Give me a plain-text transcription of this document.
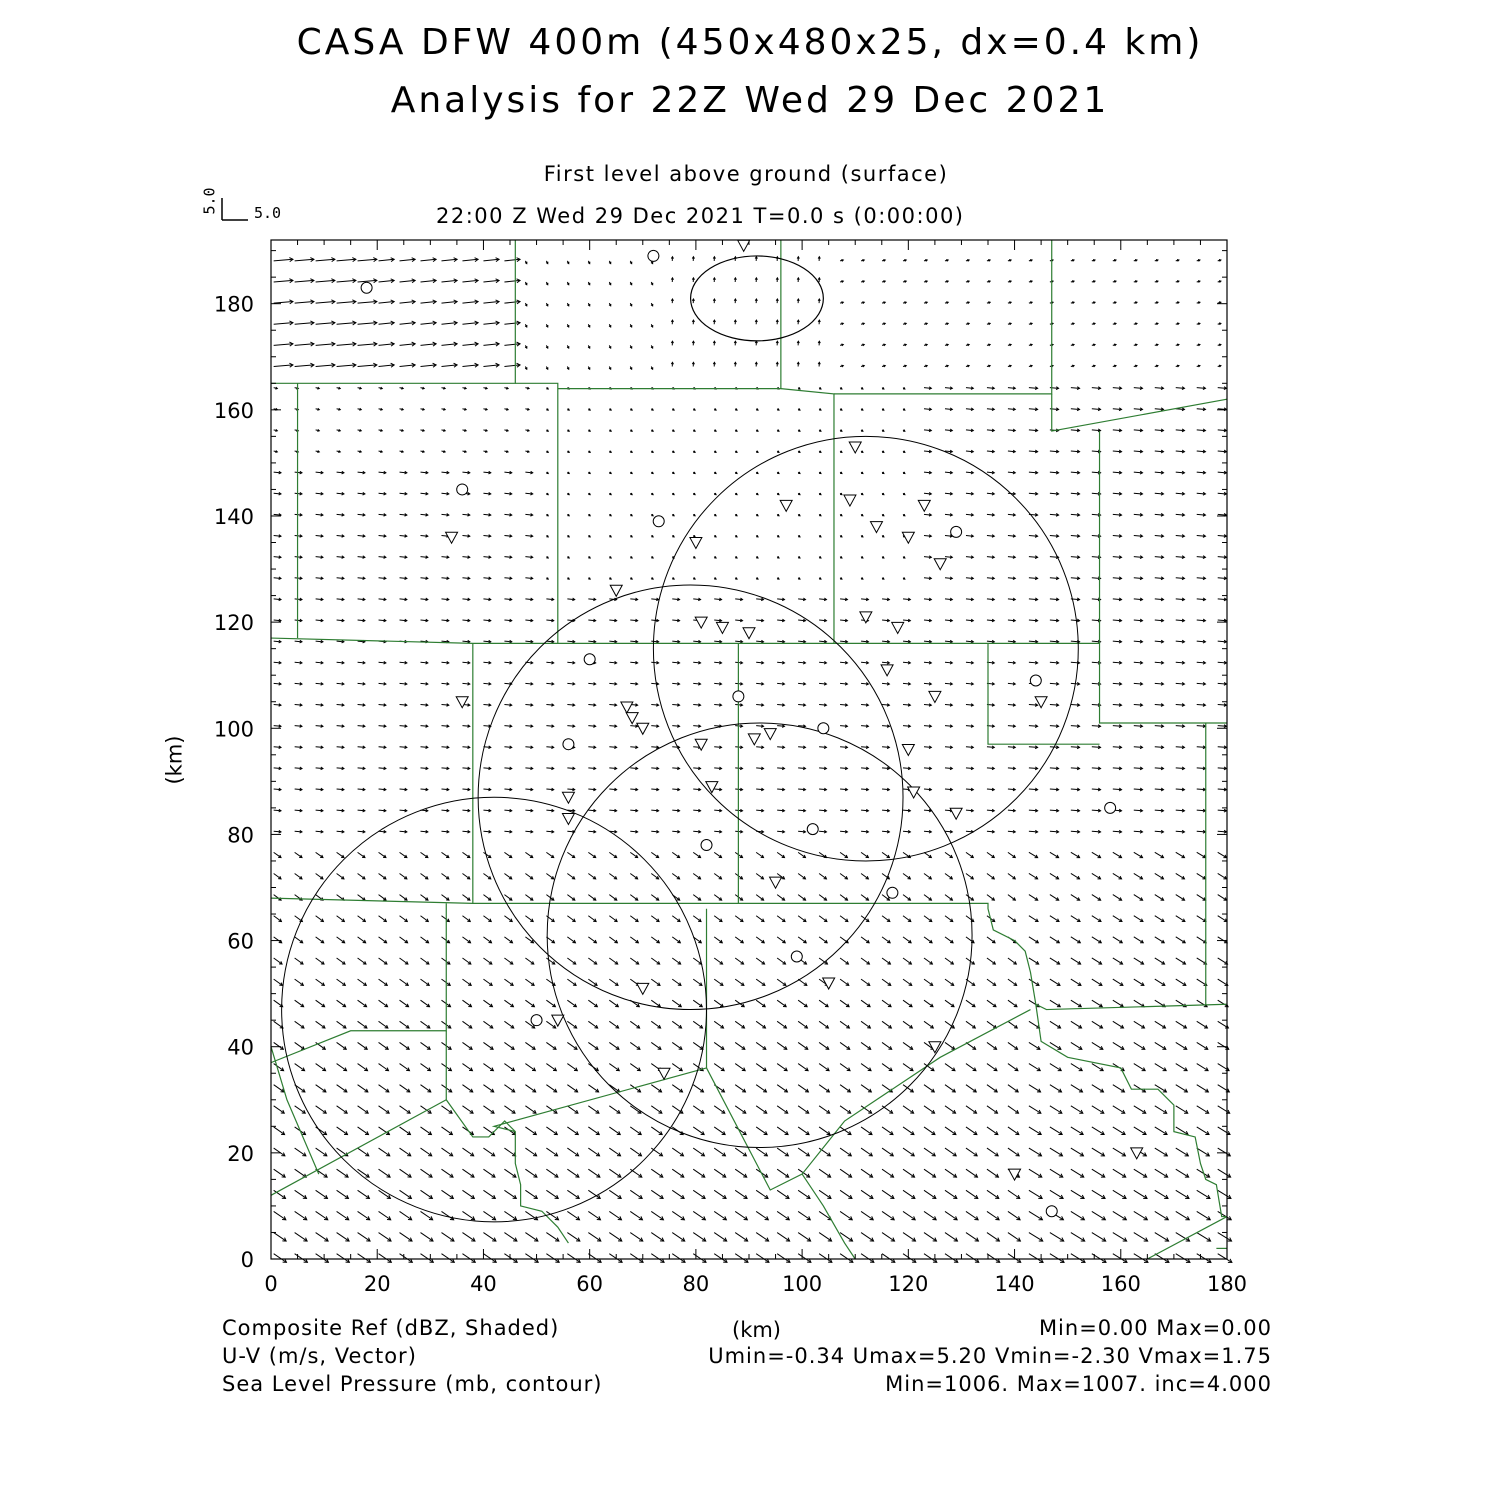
CASA DFW 400m (450x480x25, dx=0.4 km)
Analysis for 22Z Wed 29 Dec 2021
First level above ground (surface)
22:00 Z Wed 29 Dec 2021 T=0.0 s (0:00:00)
5.0 5.0
(km)
0	20	40	60	80	100	120	140	160	180
0
20
40
60
80
100
120
140
160
180
(km)
Composite Ref (dBZ, Shaded)	Min=0.00 Max=0.00
U-V (m/s, Vector)	Umin=-0.34 Umax=5.20 Vmin=-2.30 Vmax=1.75
Sea Level Pressure (mb, contour)	Min=1006. Max=1007. inc=4.000
